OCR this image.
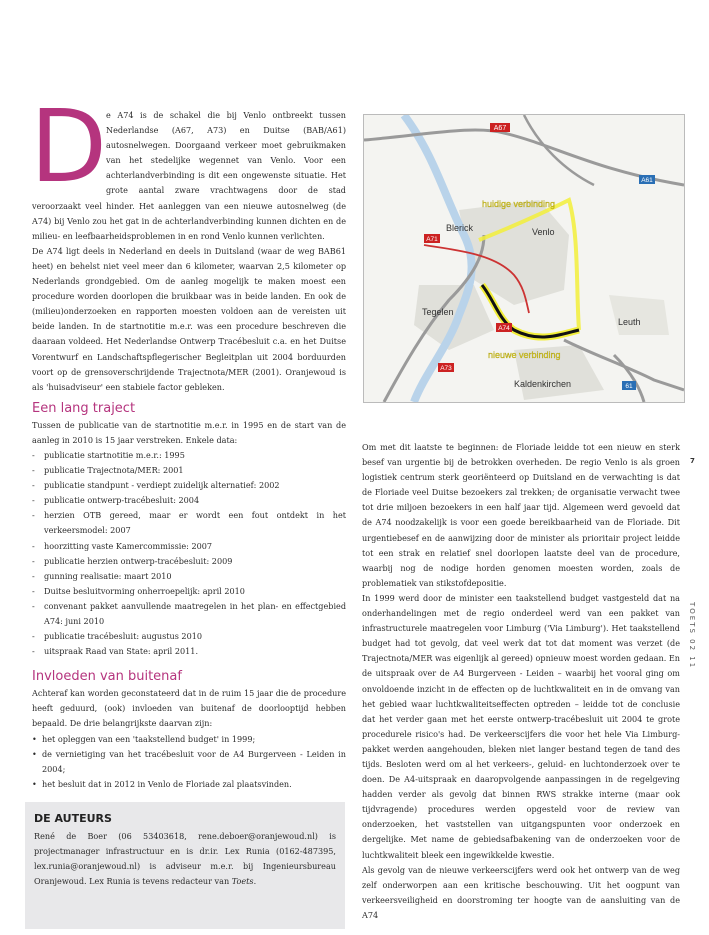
D

e A74 is de schakel die bij Venlo ontbreekt tussen Nederlandse (A67, A73) en Duitse (BAB/A61) autosnelwegen. Doorgaand verkeer moet gebruikmaken van het stedelijke wegennet van Venlo. Voor een achterlandverbinding is dit een ongewenste situatie. Het grote aantal zware vrachtwagens door de stad veroorzaakt veel hinder. Het aanleggen van een nieuwe autosnelweg (de A74) bij Venlo zou het gat in de achterlandverbinding kunnen dichten en de milieu- en leefbaarheidsproblemen in en rond Venlo kunnen verlichten.

De A74 ligt deels in Nederland en deels in Duitsland (waar de weg BAB61 heet) en behelst niet veel meer dan 6 kilometer, waarvan 2,5 kilometer op Nederlands grondgebied. Om de aanleg mogelijk te maken moest een procedure worden doorlopen die bruikbaar was in beide landen. En ook de (milieu)onderzoeken en rapporten moesten voldoen aan de vereisten uit beide landen. In de startnotitie m.e.r. was een procedure beschreven die daaraan voldeed. Het Nederlandse Ontwerp Tracébesluit c.a. en het Duitse Vorentwurf en Landschaftspflegerischer Begleitplan uit 2004 borduurden voort op de grensoverschrijdende Trajectnota/MER (2001). Oranjewoud is als 'huisadviseur' een stabiele factor gebleken.

Een lang traject

Tussen de publicatie van de startnotitie m.e.r. in 1995 en de start van de aanleg in 2010 is 15 jaar verstreken. Enkele data:

- publicatie startnotitie m.e.r.: 1995
- publicatie Trajectnota/MER: 2001
- publicatie standpunt - verdiept zuidelijk alternatief: 2002
- publicatie ontwerp-tracébesluit: 2004
- herzien OTB gereed, maar er wordt een fout ontdekt in het verkeersmodel: 2007
- hoorzitting vaste Kamercommissie: 2007
- publicatie herzien ontwerp-tracébesluit: 2009
- gunning realisatie: maart 2010
- Duitse besluitvorming onherroepelijk: april 2010
- convenant pakket aanvullende maatregelen in het plan- en effectgebied A74: juni 2010
- publicatie tracébesluit: augustus 2010
- uitspraak Raad van State: april 2011.
Invloeden van buitenaf

Achteraf kan worden geconstateerd dat in de ruim 15 jaar die de procedure heeft geduurd, (ook) invloeden van buitenaf de doorlooptijd hebben bepaald. De drie belangrijkste daarvan zijn:

• het opleggen van een 'taakstellend budget' in 1999;
• de vernietiging van het tracébesluit voor de A4 Burgerveen - Leiden in 2004;
• het besluit dat in 2012 in Venlo de Floriade zal plaatsvinden.
DE AUTEURS

René de Boer (06 53403618, rene.deboer@oranjewoud.nl) is projectmanager infrastructuur en is dr.ir. Lex Runia (0162-487395, lex.runia@oranjewoud.nl) is adviseur m.e.r. bij Ingenieursbureau Oranjewoud. Lex Runia is tevens redacteur van Toets.

A67
A61
A71
A74
A73
61
huidige verbinding
nieuwe verbinding
Blerick	Venlo
Tegelen
Leuth
Kaldenkirchen

Om met dit laatste te beginnen: de Floriade leidde tot een nieuw en sterk besef van urgentie bij de betrokken overheden. De regio Venlo is als groen logistiek centrum sterk georiënteerd op Duitsland en de verwachting is dat de Floriade veel Duitse bezoekers zal trekken; de organisatie verwacht twee tot drie miljoen bezoekers in een half jaar tijd. Algemeen werd gevoeld dat de A74 noodzakelijk is voor een goede bereikbaarheid van de Floriade. Dit urgentiebesef en de aanwijzing door de minister als prioritair project leidde tot een strak en relatief snel doorlopen laatste deel van de procedure, waarbij nog de nodige horden genomen moesten worden, zoals de problematiek van stikstofdepositie.

In 1999 werd door de minister een taakstellend budget vastgesteld dat na onderhandelingen met de regio onderdeel werd van een pakket van infrastructurele maatregelen voor Limburg ('Via Limburg'). Het taakstellend budget had tot gevolg, dat veel werk dat tot dat moment was verzet (de Trajectnota/MER was eigenlijk al gereed) opnieuw moest worden gedaan. En de uitspraak over de A4 Burgerveen - Leiden – waarbij het vooral ging om onvoldoende inzicht in de effecten op de luchtkwaliteit en in de omvang van het gebied waar luchtkwaliteitseffecten optreden – leidde tot de conclusie dat het verder gaan met het eerste ontwerp-tracébesluit uit 2004 te grote procedurele risico's had. De verkeerscijfers die voor het hele Via Limburg-pakket werden aangehouden, bleken niet langer bestand tegen de tand des tijds. Besloten werd om al het verkeers-, geluid- en luchtonderzoek over te doen. De A4-uitspraak en daaropvolgende aanpassingen in de regelgeving hadden verder als gevolg dat binnen RWS strakke interne (maar ook tijdvragende) procedures werden opgesteld voor de review van onderzoeken, het vaststellen van uitgangspunten voor onderzoek en dergelijke. Met name de gebiedsafbakening van de onderzoeken voor de luchtkwaliteit bleek een ingewikkelde kwestie.

Als gevolg van de nieuwe verkeerscijfers werd ook het ontwerp van de weg zelf onderworpen aan een kritische beschouwing. Uit het oogpunt van verkeersveiligheid en doorstroming ter hoogte van de aansluiting van de A74

7
TOETS 02 11
